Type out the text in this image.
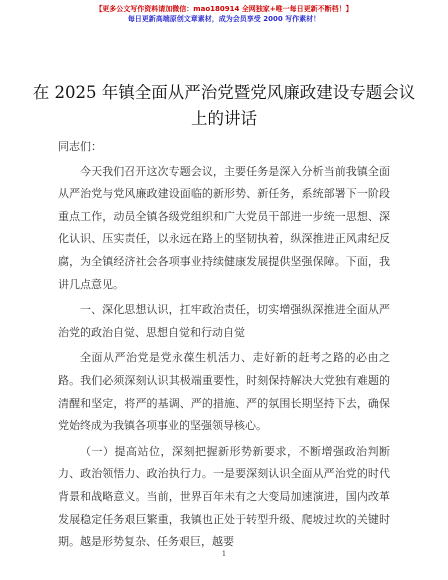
【更多公文写作资料请加微信：mao180914 全网独家+唯一每日更新不断档！】
每日更新高端原创文章素材，成为会员享受 2000 写作素材！
在 2025 年镇全面从严治党暨党风廉政建设专题会议上的讲话

同志们：

今天我们召开这次专题会议，主要任务是深入分析当前我镇全面从严治党与党风廉政建设面临的新形势、新任务，系统部署下一阶段重点工作，动员全镇各级党组织和广大党员干部进一步统一思想、深化认识、压实责任，以永远在路上的坚韧执着，纵深推进正风肃纪反腐，为全镇经济社会各项事业持续健康发展提供坚强保障。下面，我讲几点意见。

一、深化思想认识，扛牢政治责任，切实增强纵深推进全面从严治党的政治自觉、思想自觉和行动自觉

全面从严治党是党永葆生机活力、走好新的赶考之路的必由之路。我们必须深刻认识其极端重要性，时刻保持解决大党独有难题的清醒和坚定，将严的基调、严的措施、严的氛围长期坚持下去，确保党始终成为我镇各项事业的坚强领导核心。

（一）提高站位，深刻把握新形势新要求，不断增强政治判断力、政治领悟力、政治执行力。一是要深刻认识全面从严治党的时代背景和战略意义。当前，世界百年未有之大变局加速演进，国内改革发展稳定任务艰巨繁重，我镇也正处于转型升级、爬坡过坎的关键时期。越是形势复杂、任务艰巨，越要

1
